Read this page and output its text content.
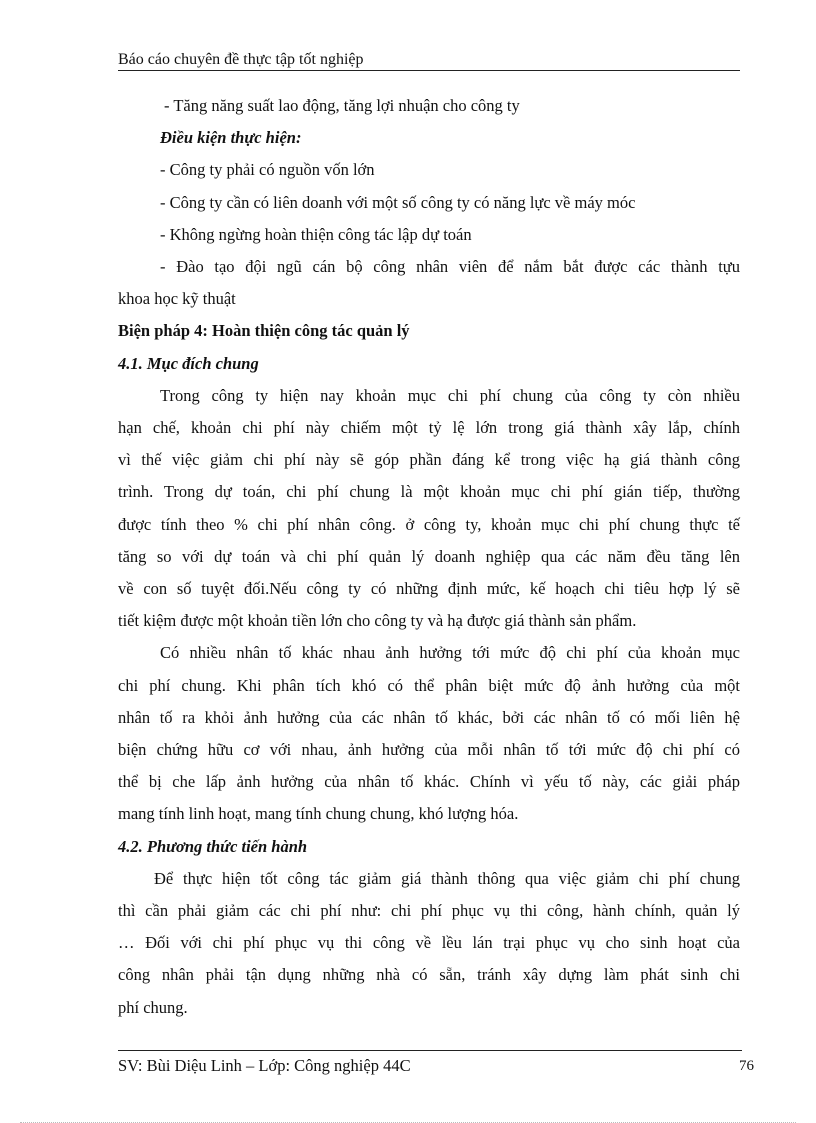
Báo cáo chuyên đề thực tập tốt nghiệp
- Tăng năng suất lao động, tăng lợi nhuận cho công ty
Điều kiện thực hiện:
- Công ty phải có nguồn vốn lớn
- Công ty cần có liên doanh với một số công ty có năng lực về máy móc
- Không ngừng hoàn thiện công tác lập dự toán
- Đào tạo đội ngũ cán bộ công nhân viên để nắm bắt được các thành tựu
khoa học kỹ thuật
Biện pháp 4: Hoàn thiện công tác quản lý
4.1. Mục đích chung
Trong công ty hiện nay khoản mục chi phí chung của công ty còn nhiều
hạn chế, khoản chi phí này chiếm một tỷ lệ lớn trong giá thành xây lắp, chính
vì thế việc giảm chi phí này sẽ góp phần đáng kể trong việc hạ giá thành công
trình. Trong dự toán, chi phí chung là một khoản mục chi phí gián tiếp, thường
được tính theo % chi phí nhân công. ở công ty, khoản mục chi phí chung thực tế
tăng so với dự toán và chi phí quản lý doanh nghiệp qua các năm đều tăng lên
về con số tuyệt đối.Nếu công ty có những định mức, kế hoạch chi tiêu hợp lý sẽ
tiết kiệm được một khoản tiền lớn cho công ty và hạ được giá thành sản phẩm.
Có nhiều nhân tố khác nhau ảnh hưởng tới mức độ chi phí của khoản mục
chi phí chung. Khi phân tích khó có thể phân biệt mức độ ảnh hưởng của một
nhân tố ra khỏi ảnh hưởng của các nhân tố khác, bởi các nhân tố có mối liên hệ
biện chứng hữu cơ với nhau, ảnh hưởng của mỗi nhân tố tới mức độ chi phí có
thể bị che lấp ảnh hưởng của nhân tố khác. Chính vì yếu tố này, các giải pháp
mang tính linh hoạt, mang tính chung chung, khó lượng hóa.
4.2. Phương thức tiến hành
Để thực hiện tốt công tác giảm giá thành thông qua việc giảm chi phí chung
thì cần phải giảm các chi phí như: chi phí phục vụ thi công, hành chính, quản lý
… Đối với chi phí phục vụ thi công về lều lán trại phục vụ cho sinh hoạt của
công nhân phải tận dụng những nhà có sẵn, tránh xây dựng làm phát sinh chi
phí chung.
SV: Bùi Diệu Linh – Lớp: Công nghiệp 44C	76
